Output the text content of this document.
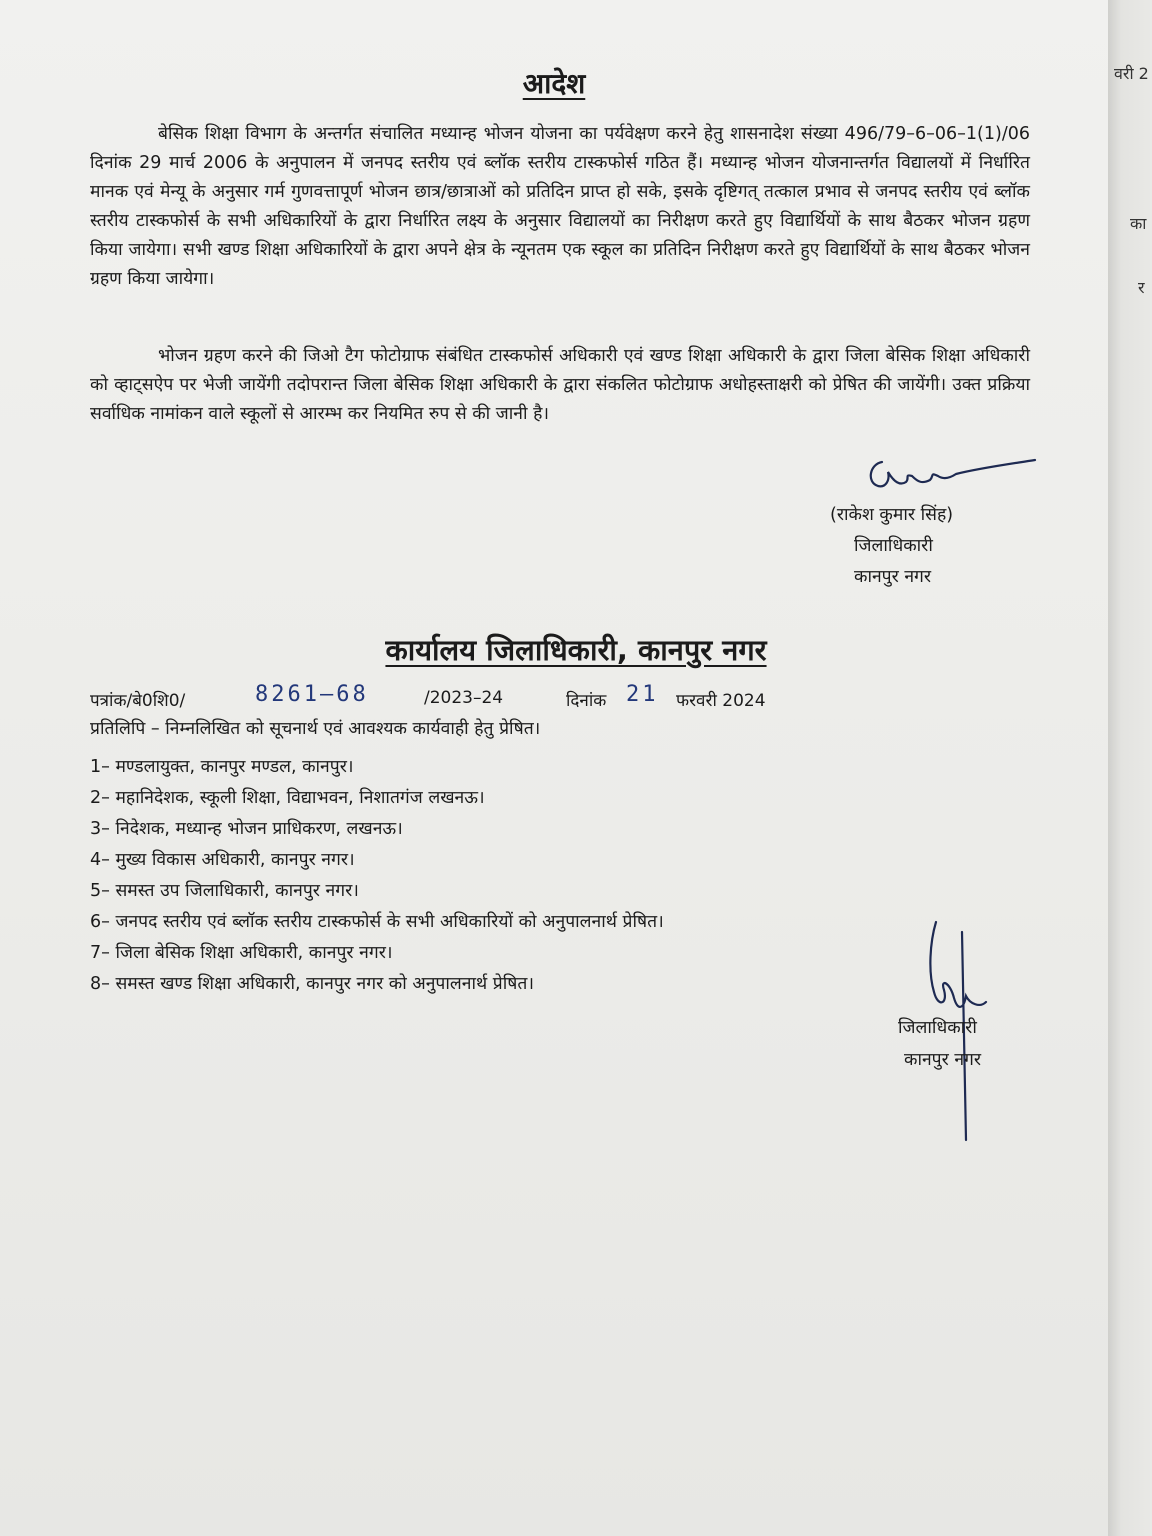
आदेश

बेसिक शिक्षा विभाग के अन्तर्गत संचालित मध्यान्ह भोजन योजना का पर्यवेक्षण करने हेतु शासनादेश संख्या 496/79–6–06–1(1)/06 दिनांक 29 मार्च 2006 के अनुपालन में जनपद स्तरीय एवं ब्लॉक स्तरीय टास्कफोर्स गठित हैं। मध्यान्ह भोजन योजनान्तर्गत विद्यालयों में निर्धारित मानक एवं मेन्यू के अनुसार गर्म गुणवत्तापूर्ण भोजन छात्र/छात्राओं को प्रतिदिन प्राप्त हो सके, इसके दृष्टिगत् तत्काल प्रभाव से जनपद स्तरीय एवं ब्लॉक स्तरीय टास्कफोर्स के सभी अधिकारियों के द्वारा निर्धारित लक्ष्य के अनुसार विद्यालयों का निरीक्षण करते हुए विद्यार्थियों के साथ बैठकर भोजन ग्रहण किया जायेगा। सभी खण्ड शिक्षा अधिकारियों के द्वारा अपने क्षेत्र के न्यूनतम एक स्कूल का प्रतिदिन निरीक्षण करते हुए विद्यार्थियों के साथ बैठकर भोजन ग्रहण किया जायेगा।

भोजन ग्रहण करने की जिओ टैग फोटोग्राफ संबंधित टास्कफोर्स अधिकारी एवं खण्ड शिक्षा अधिकारी के द्वारा जिला बेसिक शिक्षा अधिकारी को व्हाट्सऐप पर भेजी जायेंगी तदोपरान्त जिला बेसिक शिक्षा अधिकारी के द्वारा संकलित फोटोग्राफ अधोहस्ताक्षरी को प्रेषित की जायेंगी। उक्त प्रक्रिया सर्वाधिक नामांकन वाले स्कूलों से आरम्भ कर नियमित रुप से की जानी है।

(राकेश कुमार सिंह)
जिलाधिकारी
कानपुर नगर
पत्रांक/बे0शि0/	8261–68	/2023–24	दिनांक 21 फरवरी 2024
प्रतिलिपि – निम्नलिखित को सूचनार्थ एवं आवश्यक कार्यवाही हेतु प्रेषित।
1– मण्डलायुक्त, कानपुर मण्डल, कानपुर।
2– महानिदेशक, स्कूली शिक्षा, विद्याभवन, निशातगंज लखनऊ।
3– निदेशक, मध्यान्ह भोजन प्राधिकरण, लखनऊ।
4– मुख्य विकास अधिकारी, कानपुर नगर।
5– समस्त उप जिलाधिकारी, कानपुर नगर।
6– जनपद स्तरीय एवं ब्लॉक स्तरीय टास्कफोर्स के सभी अधिकारियों को अनुपालनार्थ प्रेषित।
7– जिला बेसिक शिक्षा अधिकारी, कानपुर नगर।
8– समस्त खण्ड शिक्षा अधिकारी, कानपुर नगर को अनुपालनार्थ प्रेषित।
जिलाधिकारी
कानपुर नगर
कार्यालय जिलाधिकारी, कानपुर नगर
वरी 2
का
र
